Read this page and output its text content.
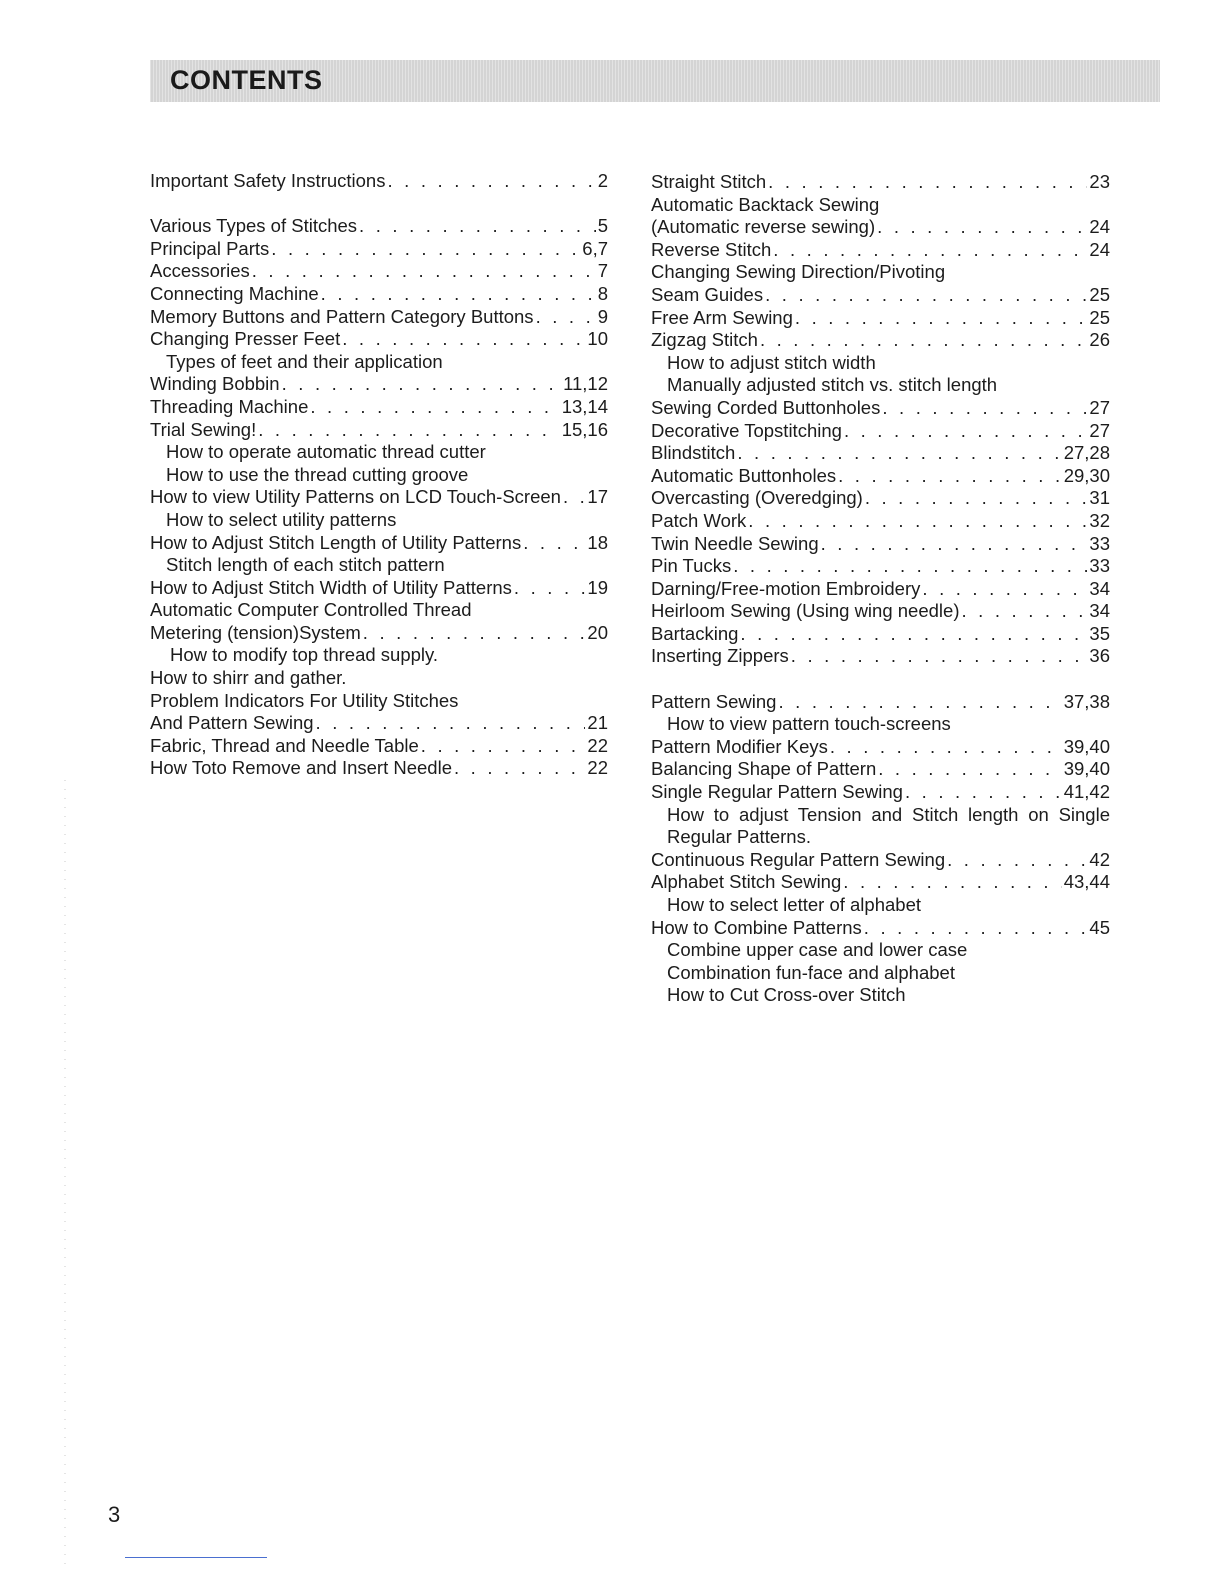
CONTENTS
Important Safety Instructions . . .	2
Various Types of Stitches . . .	5
Principal Parts . . .	6,7
Accessories . . .	7
Connecting Machine . . .	8
Memory Buttons and Pattern Category Buttons . . .	9
Changing Presser Feet . . .	10
Types of feet and their application
Winding Bobbin . . .	11,12
Threading Machine . . .	13,14
Trial Sewing! . . .	15,16
How to operate automatic thread cutter
How to use the thread cutting groove
How to view Utility Patterns on LCD Touch-Screen . . . 17
How to select utility patterns
How to Adjust Stitch Length of Utility Patterns . . .	18
Stitch length of each stitch pattern
How to Adjust Stitch Width of Utility Patterns . . .	19
Automatic Computer Controlled Thread
Metering (tension)System . . .	20
How to modify top thread supply.
How to shirr and gather.
Problem Indicators For Utility Stitches
And Pattern Sewing . . .	21
Fabric, Thread and Needle Table . . .	22
How Toto Remove and Insert Needle . . .	22
Straight Stitch . . .	23
Automatic Backtack Sewing
(Automatic reverse sewing) . . .	24
Reverse Stitch . . .	24
Changing Sewing Direction/Pivoting
Seam Guides . . .	25
Free Arm Sewing . . .	25
Zigzag Stitch . . .	26
How to adjust stitch width
Manually adjusted stitch vs. stitch length
Sewing Corded Buttonholes . . .	27
Decorative Topstitching . . .	27
Blindstitch . . .	27,28
Automatic Buttonholes . . .	29,30
Overcasting (Overedging) . . .	31
Patch Work . . .	32
Twin Needle Sewing . . .	33
Pin Tucks . . .	33
Darning/Free-motion Embroidery . . .	34
Heirloom Sewing (Using wing needle) . . .	34
Bartacking . . .	35
Inserting Zippers . . .	36
Pattern Sewing . . .	37,38
How to view pattern touch-screens
Pattern Modifier Keys . . .	39,40
Balancing Shape of Pattern . . .	39,40
Single Regular Pattern Sewing . . .	41,42
How to adjust Tension and Stitch length on Single Regular Patterns.
Continuous Regular Pattern Sewing . . .	42
Alphabet Stitch Sewing . . .	43,44
How to select letter of alphabet
How to Combine Patterns . . .	45
Combine upper case and lower case
Combination fun-face and alphabet
How to Cut Cross-over Stitch
3
